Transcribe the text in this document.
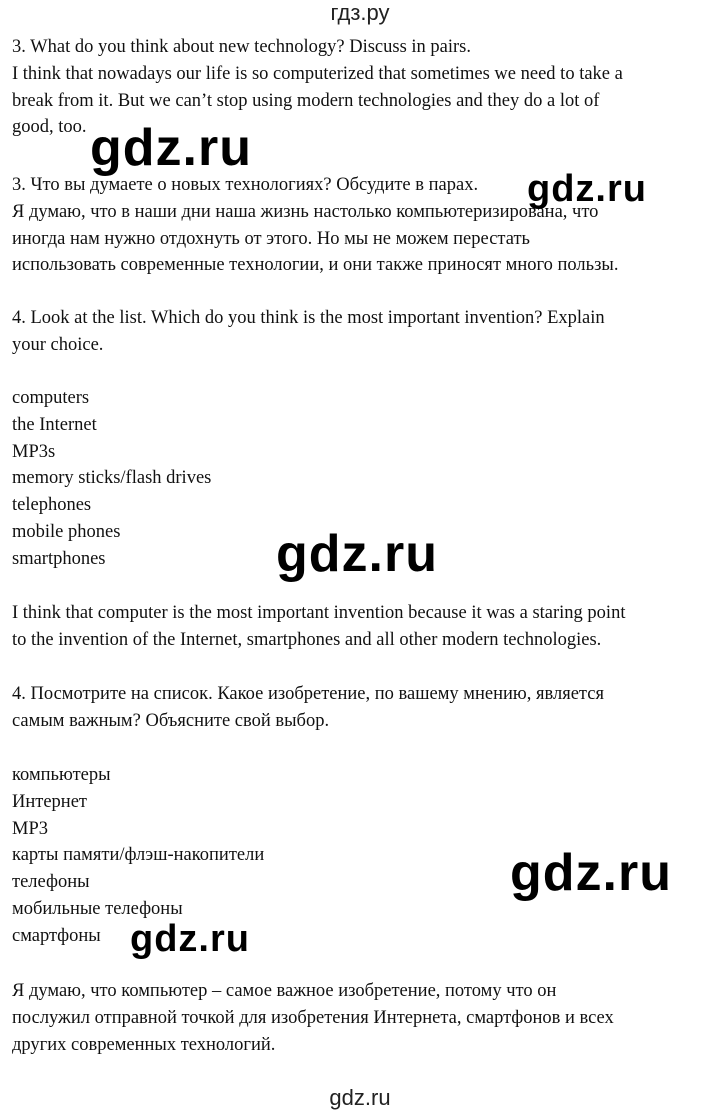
гдз.ру
3. What do you think about new technology? Discuss in pairs.
I think that nowadays our life is so computerized that sometimes we need to take a
break from it. But we can’t stop using modern technologies and they do a lot of
good, too.
3. Что вы думаете о новых технологиях? Обсудите в парах.
Я думаю, что в наши дни наша жизнь настолько компьютеризирована, что
иногда нам нужно отдохнуть от этого. Но мы не можем перестать
использовать современные технологии, и они также приносят много пользы.
4. Look at the list. Which do you think is the most important invention? Explain
your choice.
computers
the Internet
MP3s
memory sticks/flash drives
telephones
mobile phones
smartphones
I think that computer is the most important invention because it was a staring point
to the invention of the Internet, smartphones and all other modern technologies.
4. Посмотрите на список. Какое изобретение, по вашему мнению, является
самым важным? Объясните свой выбор.
компьютеры
Интернет
MP3
карты памяти/флэш-накопители
телефоны
мобильные телефоны
смартфоны
Я думаю, что компьютер – самое важное изобретение, потому что он
послужил отправной точкой для изобретения Интернета, смартфонов и всех
других современных технологий.
gdz.ru
gdz.ru
gdz.ru
gdz.ru
gdz.ru
gdz.ru
